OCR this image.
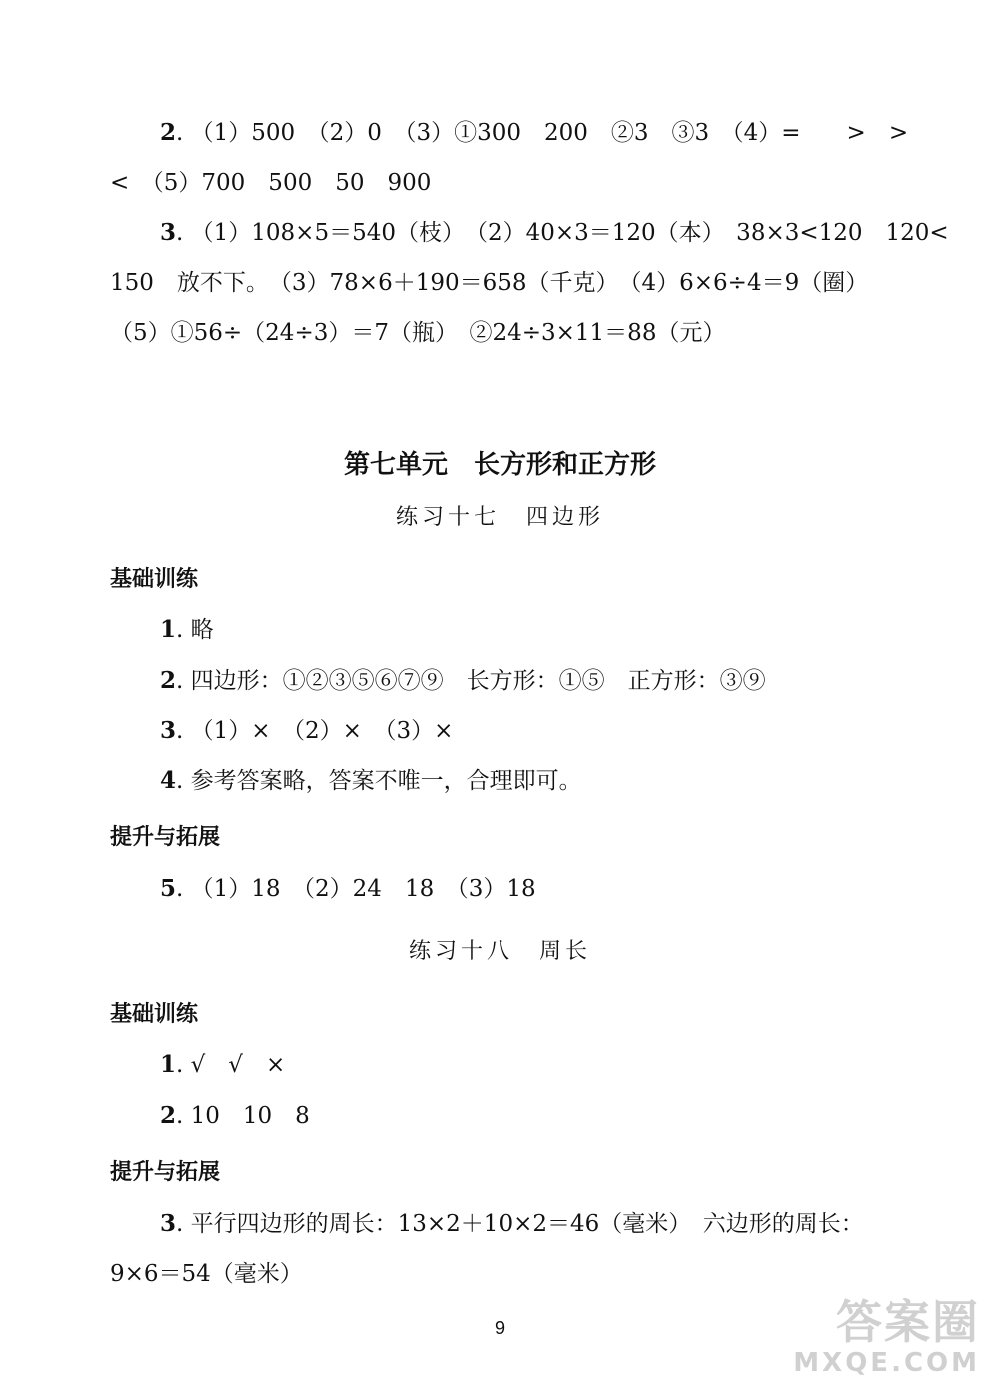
2. （1）500　（2）0　（3）①300　200　②3　③3　（4）=　　>　>
<　（5）700　500　50　900
3. （1）108×5＝540（枝）　（2）40×3＝120（本）　38×3<120　120<
150　放不下。　（3）78×6＋190＝658（千克）　（4）6×6÷4＝9（圈）
（5）①56÷（24÷3）＝7（瓶）　②24÷3×11＝88（元）
第七单元　长方形和正方形
练习十七　四边形
基础训练
1. 略
2. 四边形：①②③⑤⑥⑦⑨　长方形：①⑤　正方形：③⑨
3. （1）×　（2）×　（3）×
4. 参考答案略，答案不唯一，合理即可。
提升与拓展
5. （1）18　（2）24　18　（3）18
练习十八　周长
基础训练
1. √　√　×
2. 10　10　8
提升与拓展
3. 平行四边形的周长：13×2＋10×2＝46（毫米）　六边形的周长：
9×6＝54（毫米）
9	答案圈
MXQE.COM
